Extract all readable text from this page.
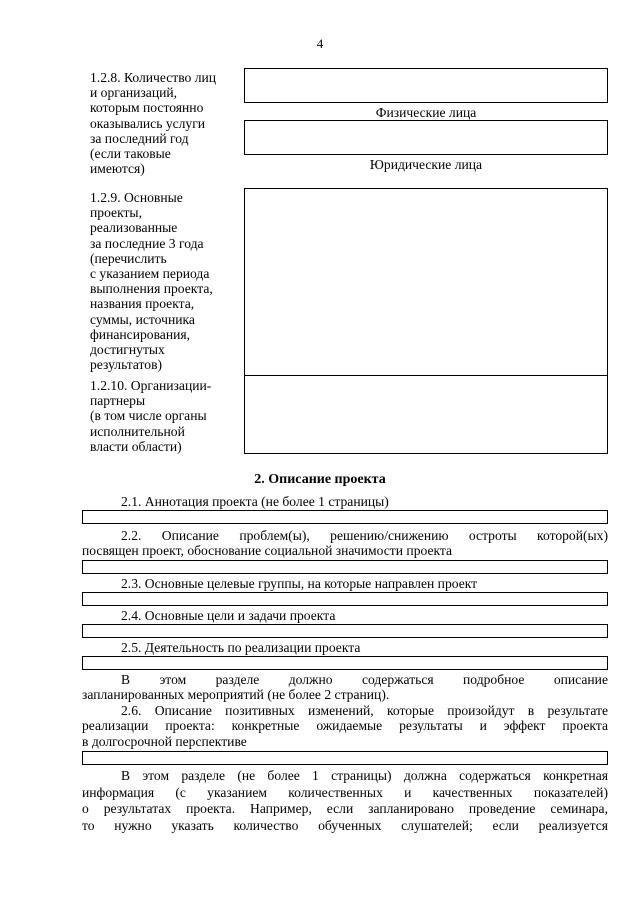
4
1.2.8. Количество лиц
и организаций,
которым постоянно
оказывались услуги
за последний год
(если таковые
имеются)
Физические лица
Юридические лица
1.2.9. Основные
проекты,
реализованные
за последние 3 года
(перечислить
с указанием периода
выполнения проекта,
названия проекта,
суммы, источника
финансирования,
достигнутых
результатов)
1.2.10. Организации-
партнеры
(в том числе органы
исполнительной
власти области)
2. Описание проекта
2.1. Аннотация проекта (не более 1 страницы)
2.2. Описание проблем(ы), решению/снижению остроты которой(ых)
посвящен проект, обоснование социальной значимости проекта
2.3. Основные целевые группы, на которые направлен проект
2.4. Основные цели и задачи проекта
2.5. Деятельность по реализации проекта
В этом разделе должно содержаться подробное описание
запланированных мероприятий (не более 2 страниц).
2.6. Описание позитивных изменений, которые произойдут в результате
реализации проекта: конкретные ожидаемые результаты и эффект проекта
в долгосрочной перспективе
В этом разделе (не более 1 страницы) должна содержаться конкретная
информация (с указанием количественных и качественных показателей)
о результатах проекта. Например, если запланировано проведение семинара,
то нужно указать количество обученных слушателей; если реализуется
